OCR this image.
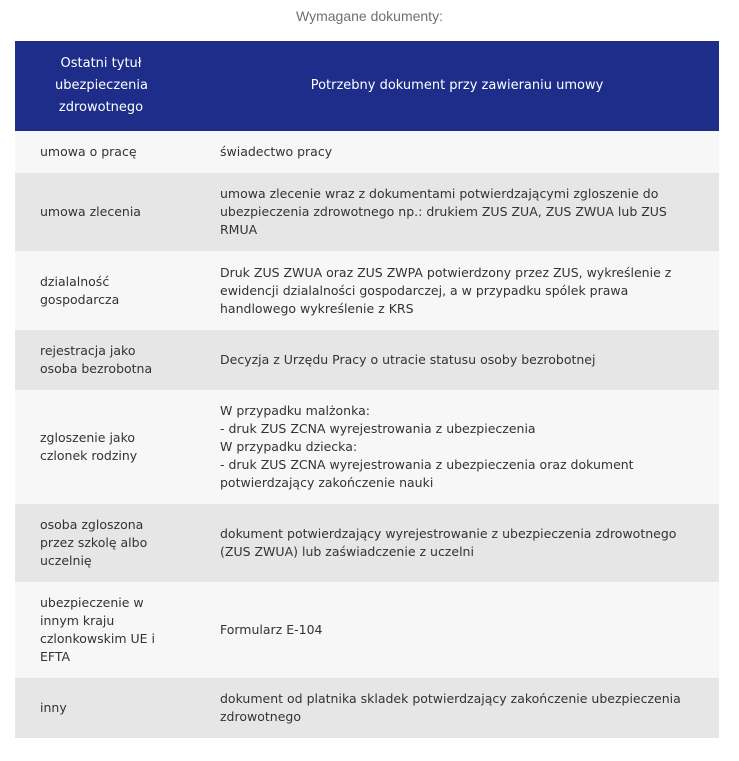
Wymagane dokumenty:
Ostatni tytuł ubezpieczenia zdrowotnego	Potrzebny dokument przy zawieraniu umowy
umowa o pracę	świadectwo pracy

umowa zlecenia	umowa zlecenie wraz z dokumentami potwierdzającymi zgloszenie do ubezpieczenia zdrowotnego np.: drukiem ZUS ZUA, ZUS ZWUA lub ZUS RMUA

dzialalność gospodarcza	Druk ZUS ZWUA oraz ZUS ZWPA potwierdzony przez ZUS, wykreślenie z ewidencji dzialalności gospodarczej, a w przypadku spólek prawa handlowego wykreślenie z KRS

rejestracja jako osoba bezrobotna	Decyzja z Urzędu Pracy o utracie statusu osoby bezrobotnej

zgloszenie jako czlonek rodziny	W przypadku malżonka:
- druk ZUS ZCNA wyrejestrowania z ubezpieczenia
W przypadku dziecka:
- druk ZUS ZCNA wyrejestrowania z ubezpieczenia oraz dokument potwierdzający zakończenie nauki

osoba zgloszona przez szkolę albo uczelnię	dokument potwierdzający wyrejestrowanie z ubezpieczenia zdrowotnego (ZUS ZWUA) lub zaświadczenie z uczelni

ubezpieczenie w innym kraju czlonkowskim UE i EFTA	Formularz E-104

inny	dokument od platnika skladek potwierdzający zakończenie ubezpieczenia zdrowotnego
